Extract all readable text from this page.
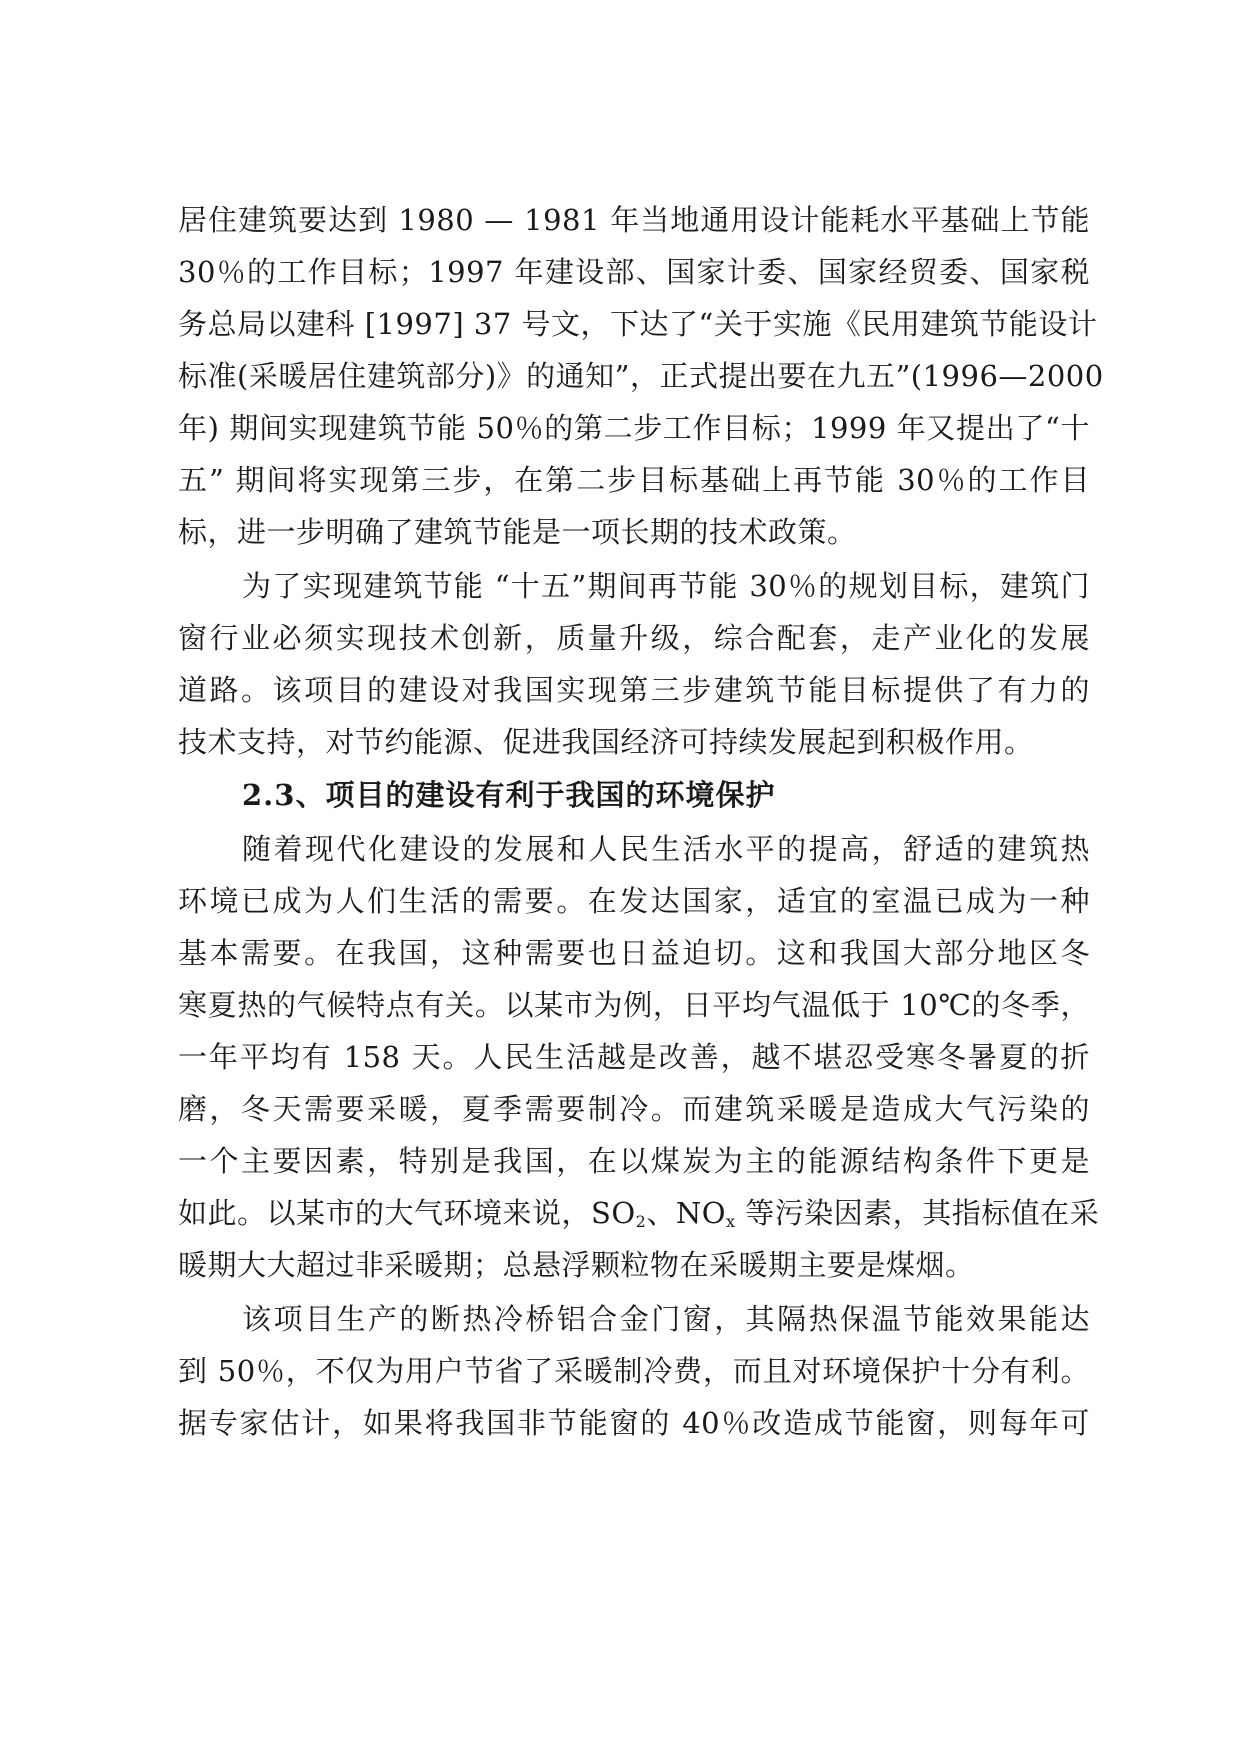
居住建筑要达到 1980 — 1981 年当地通用设计能耗水平基础上节能
30％的工作目标；1997 年建设部、国家计委、国家经贸委、国家税
务总局以建科 [1997] 37 号文，下达了“关于实施《民用建筑节能设计
标准(采暖居住建筑部分)》的通知”，正式提出要在九五”(1996—2000
年) 期间实现建筑节能 50％的第二步工作目标；1999 年又提出了“十
五” 期间将实现第三步，在第二步目标基础上再节能 30％的工作目
标，进一步明确了建筑节能是一项长期的技术政策。
为了实现建筑节能 “十五”期间再节能 30％的规划目标，建筑门
窗行业必须实现技术创新，质量升级，综合配套，走产业化的发展
道路。该项目的建设对我国实现第三步建筑节能目标提供了有力的
技术支持，对节约能源、促进我国经济可持续发展起到积极作用。
2.3、项目的建设有利于我国的环境保护
随着现代化建设的发展和人民生活水平的提高，舒适的建筑热
环境已成为人们生活的需要。在发达国家，适宜的室温已成为一种
基本需要。在我国，这种需要也日益迫切。这和我国大部分地区冬
寒夏热的气候特点有关。以某市为例，日平均气温低于 10℃的冬季，
一年平均有 158 天。人民生活越是改善，越不堪忍受寒冬暑夏的折
磨，冬天需要采暖，夏季需要制冷。而建筑采暖是造成大气污染的
一个主要因素，特别是我国，在以煤炭为主的能源结构条件下更是
如此。以某市的大气环境来说，$SO_2$、$NO_x$ 等污染因素，其指标值在采
暖期大大超过非采暖期；总悬浮颗粒物在采暖期主要是煤烟。
该项目生产的断热冷桥铝合金门窗，其隔热保温节能效果能达
到 50％，不仅为用户节省了采暖制冷费，而且对环境保护十分有利。
据专家估计，如果将我国非节能窗的 40％改造成节能窗，则每年可
